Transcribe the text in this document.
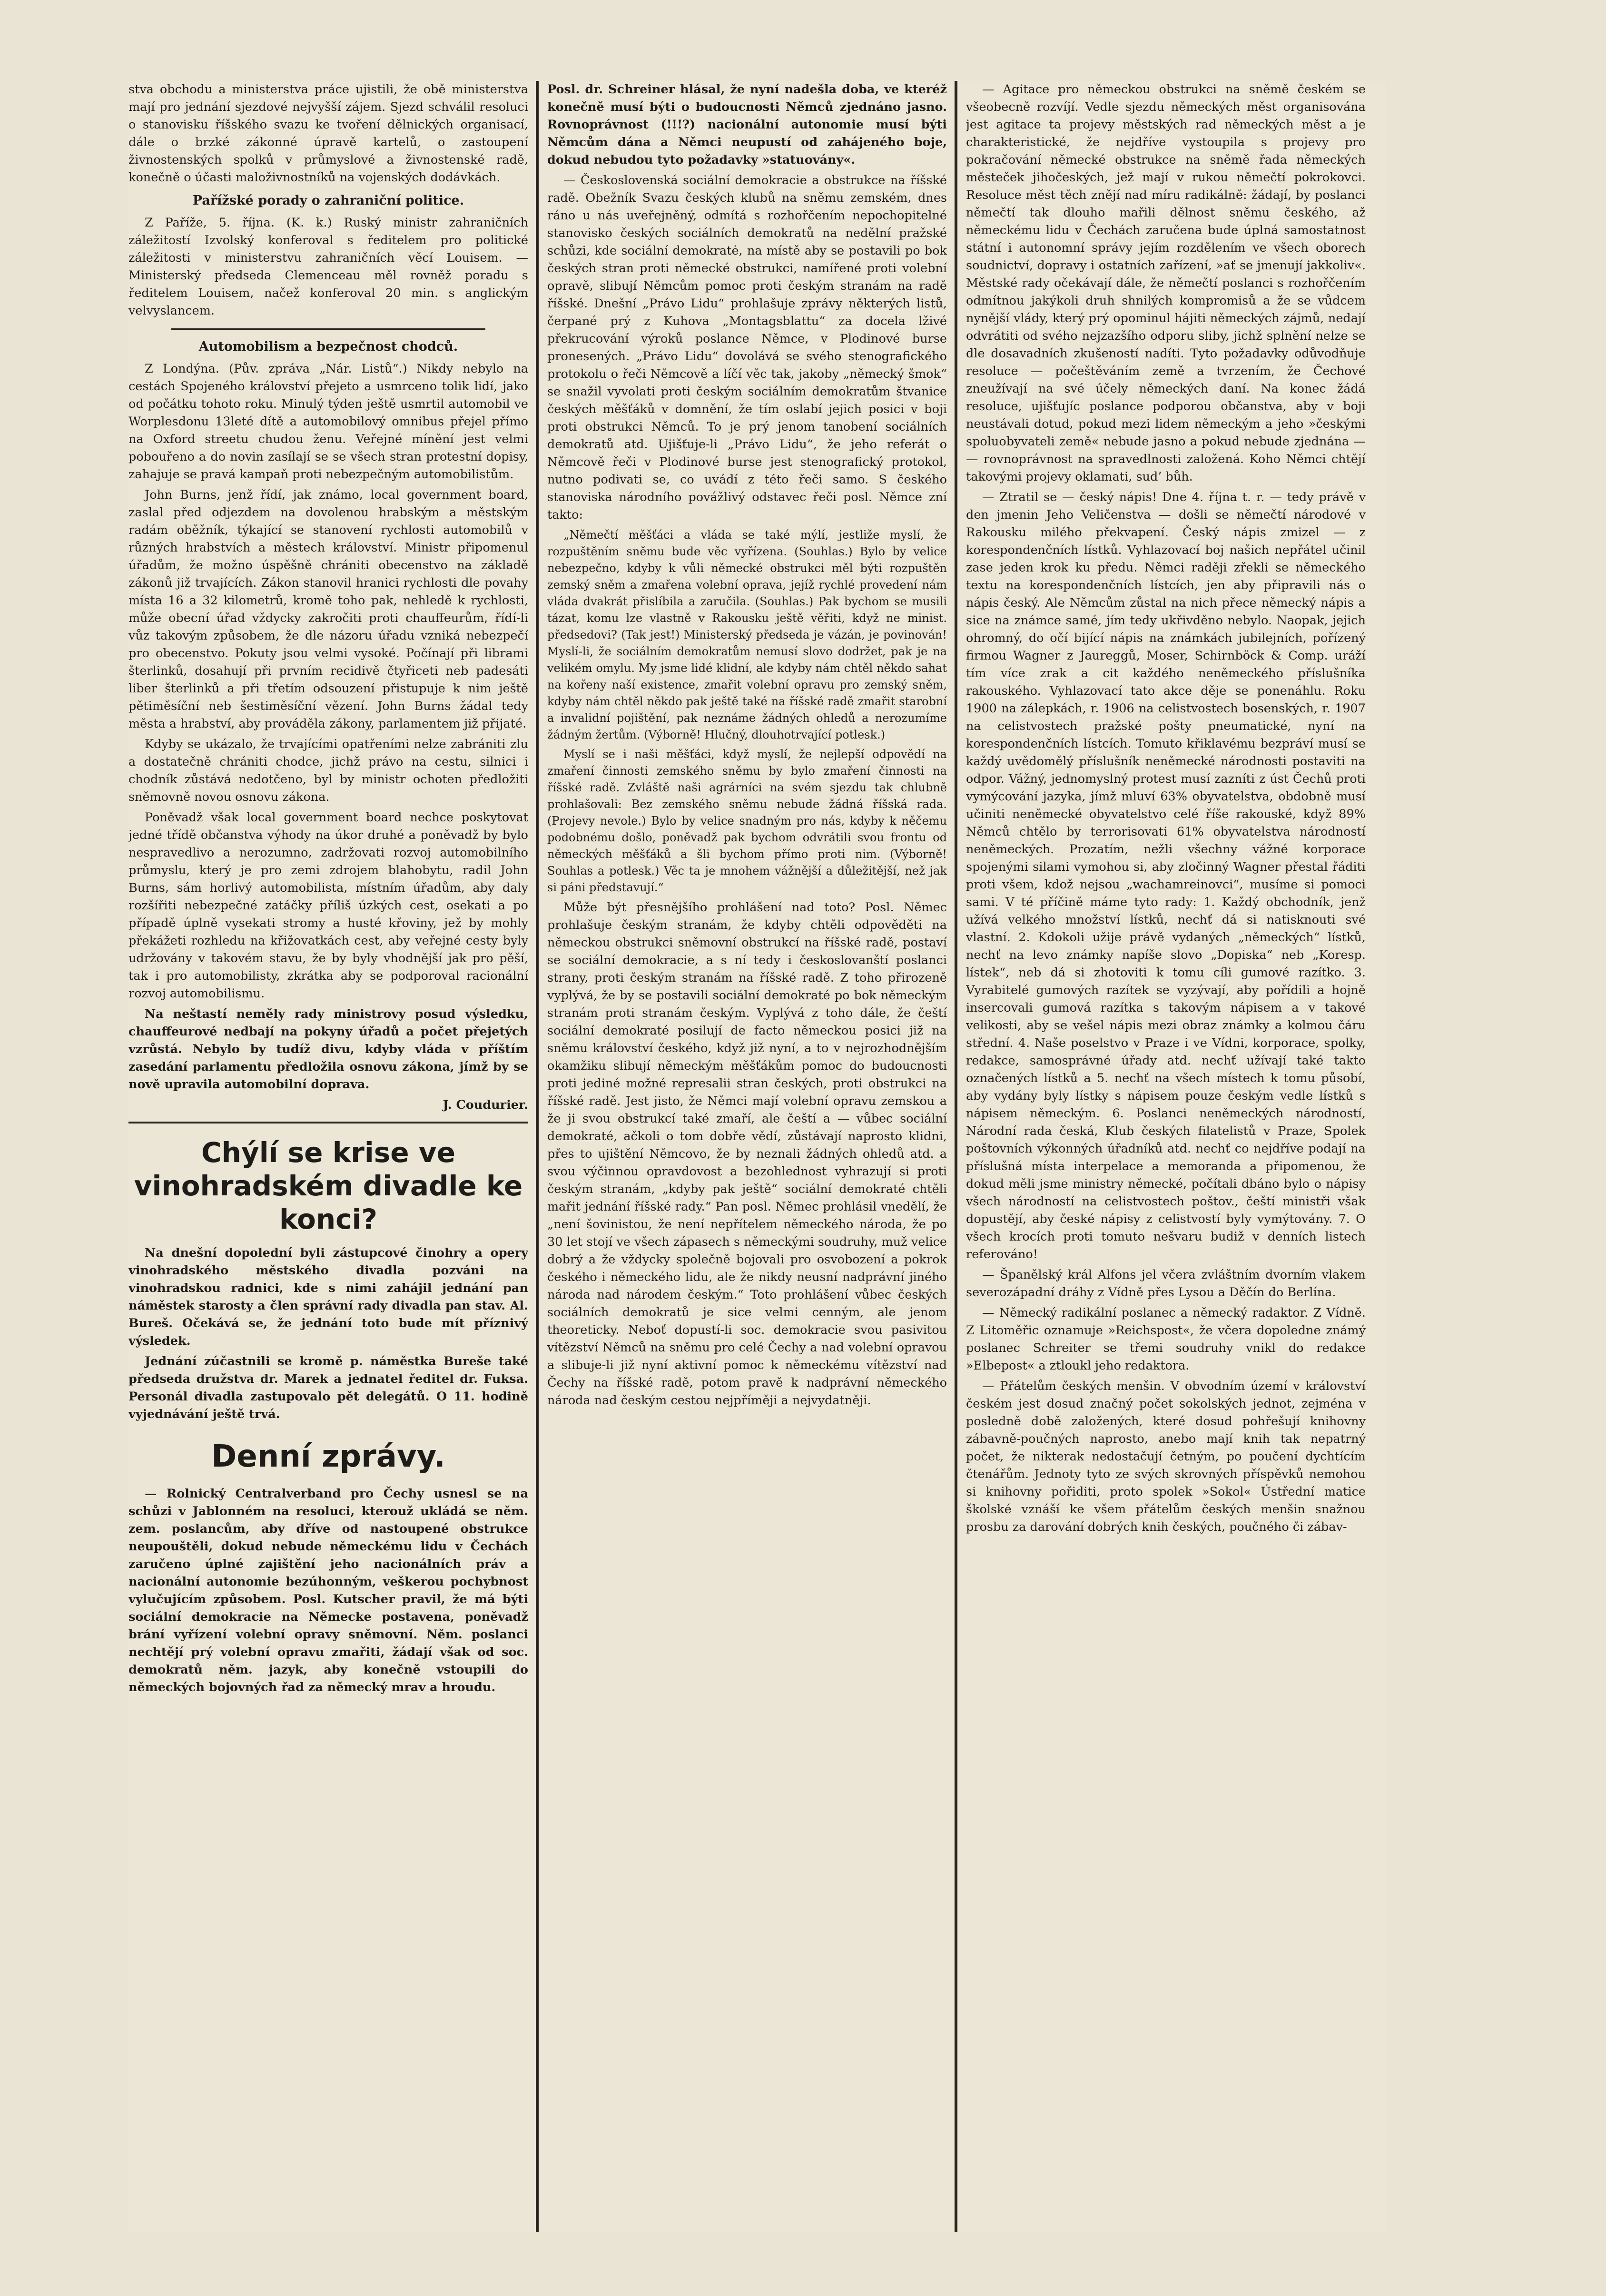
stva obchodu a ministerstva práce ujistili, že obě ministerstva mají pro jednání sjezdové nejvyšší zájem. Sjezd schválil resoluci o stanovisku říšského svazu ke tvoření dělnických organisací, dále o brzké zákonné úpravě kartelů, o zastoupení živnostenských spolků v průmyslové a živnostenské radě, konečně o účasti maloživnostníků na vojenských dodávkách.

Pařížské porady o zahraniční politice.

Z Paříže, 5. října. (K. k.) Ruský ministr zahraničních záležitostí Izvolský konferoval s ředitelem pro politické záležitosti v ministerstvu zahraničních věcí Louisem. — Ministerský předseda Clemenceau měl rovněž poradu s ředitelem Louisem, načež konferoval 20 min. s anglickým velvyslancem.

Automobilism a bezpečnost chodců.

Z Londýna. (Pův. zpráva „Nár. Listů“.) Nikdy nebylo na cestách Spojeného království přejeto a usmrceno tolik lidí, jako od počátku tohoto roku. Minulý týden ještě usmrtil automobil ve Worplesdonu 13leté dítě a automobilový omnibus přejel přímo na Oxford streetu chudou ženu. Veřejné mínění jest velmi pobouřeno a do novin zasílají se se všech stran protestní dopisy, zahajuje se pravá kampaň proti nebezpečným automobilistům.

John Burns, jenž řídí, jak známo, local government board, zaslal před odjezdem na dovolenou hrabským a městským radám oběžník, týkající se stanovení rychlosti automobilů v různých hrabstvích a městech království. Ministr připomenul úřadům, že možno úspěšně chrániti obecenstvo na základě zákonů již trvajících. Zákon stanovil hranici rychlosti dle povahy místa 16 a 32 kilometrů, kromě toho pak, nehledě k rychlosti, může obecní úřad vždycky zakročiti proti chauffeurům, řídí-li vůz takovým způsobem, že dle názoru úřadu vzniká nebezpečí pro obecenstvo. Pokuty jsou velmi vysoké. Počínají při librami šterlinků, dosahují při prvním recidivě čtyřiceti neb padesáti liber šterlinků a při třetím odsouzení přistupuje k nim ještě pětiměsíční neb šestiměsíční vězení. John Burns žádal tedy města a hrabství, aby prováděla zákony, parlamentem již přijaté.

Kdyby se ukázalo, že trvajícími opatřeními nelze zabrániti zlu a dostatečně chrániti chodce, jichž právo na cestu, silnici i chodník zůstává nedotčeno, byl by ministr ochoten předložiti sněmovně novou osnovu zákona.

Poněvadž však local government board nechce poskytovat jedné třídě občanstva výhody na úkor druhé a poněvadž by bylo nespravedlivo a nerozumno, zadržovati rozvoj automobilního průmyslu, který je pro zemi zdrojem blahobytu, radil John Burns, sám horlivý automobilista, místním úřadům, aby daly rozšířiti nebezpečné zatáčky příliš úzkých cest, osekati a po případě úplně vysekati stromy a husté křoviny, jež by mohly překážeti rozhledu na křižovatkách cest, aby veřejné cesty byly udržovány v takovém stavu, že by byly vhodnější jak pro pěší, tak i pro automobilisty, zkrátka aby se podporoval racionální rozvoj automobilismu.

Na neštastí neměly rady ministrovy posud výsledku, chauffeurové nedbají na pokyny úřadů a počet přejetých vzrůstá. Nebylo by tudíž divu, kdyby vláda v příštím zasedání parlamentu předložila osnovu zákona, jímž by se nově upravila automobilní doprava.

J. Coudurier.

Chýlí se krise ve vinohradském divadle ke konci?

Na dnešní dopolední byli zástupcové činohry a opery vinohradského městského divadla pozváni na vinohradskou radnici, kde s nimi zahájil jednání pan náměstek starosty a člen správní rady divadla pan stav. Al. Bureš. Očekává se, že jednání toto bude mít příznivý výsledek.

Jednání zúčastnili se kromě p. náměstka Bureše také předseda družstva dr. Marek a jednatel ředitel dr. Fuksa. Personál divadla zastupovalo pět delegátů. O 11. hodině vyjednávání ještě trvá.

Denní zprávy.

— Rolnický Centralverband pro Čechy usnesl se na schůzi v Jablonném na resoluci, kterouž ukládá se něm. zem. poslancům, aby dříve od nastoupené obstrukce neupouštěli, dokud nebude německému lidu v Čechách zaručeno úplné zajištění jeho nacionálních práv a nacionální autonomie bezúhonným, veškerou pochybnost vylučujícím způsobem. Posl. Kutscher pravil, že má býti sociální demokracie na Německe postavena, poněvadž brání vyřízení volební opravy sněmovní. Něm. poslanci nechtějí prý volební opravu zmařiti, žádají však od soc. demokratů něm. jazyk, aby konečně vstoupili do německých bojovných řad za německý mrav a hroudu.

Posl. dr. Schreiner hlásal, že nyní nadešla doba, ve kteréž konečně musí býti o budoucnosti Němců zjednáno jasno. Rovnoprávnost (!!!?) nacionální autonomie musí býti Němcům dána a Němci neupustí od zahájeného boje, dokud nebudou tyto požadavky »statuovány«.

— Československá sociální demokracie a obstrukce na říšské radě. Obežník Svazu českých klubů na sněmu zemském, dnes ráno u nás uveřejněný, odmítá s rozhořčením nepochopitelné stanovisko českých sociálních demokratů na nedělní pražské schůzi, kde sociální demokratė, na místě aby se postavili po bok českých stran proti německé obstrukci, namířené proti volební opravě, slibují Němcům pomoc proti českým stranám na radě říšské. Dnešní „Právo Lidu“ prohlašuje zprávy některých listů, čerpané prý z Kuhova „Montagsblattu“ za docela lživé překrucování výroků poslance Němce, v Plodinové burse pronesených. „Právo Lidu“ dovolává se svého stenografického protokolu o řeči Němcově a líčí věc tak, jakoby „německý šmok“ se snažil vyvolati proti českým sociálním demokratům štvanice českých měšťáků v domnění, že tím oslabí jejich posici v boji proti obstrukci Němců. To je prý jenom tanobení sociálních demokratů atd. Ujišťuje-li „Právo Lidu“, že jeho referát o Němcově řeči v Plodinové burse jest stenografický protokol, nutno podivati se, co uvádí z této řeči samo. S českého stanoviska národního povážlivý odstavec řeči posl. Němce zní takto:

„Němečtí měšťáci a vláda se také mýlí, jestliže myslí, že rozpuštěním sněmu bude věc vyřízena. (Souhlas.) Bylo by velice nebezpečno, kdyby k vůli německé obstrukci měl býti rozpuštěn zemský sněm a zmařena volební oprava, jejíž rychlé provedení nám vláda dvakrát přislíbila a zaručila. (Souhlas.) Pak bychom se musili tázat, komu lze vlastně v Rakousku ještě věřiti, když ne minist. předsedovi? (Tak jest!) Ministerský předseda je vázán, je povinován! Myslí-li, že sociálním demokratům nemusí slovo dodržet, pak je na velikém omylu. My jsme lidé klidní, ale kdyby nám chtěl někdo sahat na kořeny naší existence, zmařit volební opravu pro zemský sněm, kdyby nám chtěl někdo pak ještě také na říšské radě zmařit starobní a invalidní pojištění, pak neznáme žádných ohledů a nerozumíme žádným žertům. (Výborně! Hlučný, dlouhotrvající potlesk.)

Myslí se i naši měšťáci, když myslí, že nejlepší odpovědí na zmaření činnosti zemského sněmu by bylo zmaření činnosti na říšské radě. Zvláště naši agrárníci na svém sjezdu tak chlubně prohlašovali: Bez zemského sněmu nebude žádná říšská rada. (Projevy nevole.) Bylo by velice snadným pro nás, kdyby k něčemu podobnému došlo, poněvadž pak bychom odvrátili svou frontu od německých měšťáků a šli bychom přímo proti nim. (Výborně! Souhlas a potlesk.) Věc ta je mnohem vážnější a důležitější, než jak si páni představují.“

Může být přesnějšího prohlášení nad toto? Posl. Němec prohlašuje českým stranám, že kdyby chtěli odpověděti na německou obstrukci sněmovní obstrukcí na říšské radě, postaví se sociální demokracie, a s ní tedy i českoslovanští poslanci strany, proti českým stranám na říšské radě. Z toho přirozeně vyplývá, že by se postavili sociální demokraté po bok německým stranám proti stranám českým. Vyplývá z toho dále, že čeští sociální demokraté posilují de facto německou posici již na sněmu království českého, když již nyní, a to v nejrozhodnějším okamžiku slibují německým měšťákům pomoc do budoucnosti proti jediné možné represalii stran českých, proti obstrukci na říšské radě. Jest jisto, že Němci mají volební opravu zemskou a že ji svou obstrukcí také zmaří, ale čeští a — vůbec sociální demokraté, ačkoli o tom dobře vědí, zůstávají naprosto klidni, přes to ujištění Němcovo, že by neznali žádných ohledů atd. a svou výčinnou opravdovost a bezohlednost vyhrazují si proti českým stranám, „kdyby pak ještě“ sociální demokraté chtěli mařit jednání říšské rady.“ Pan posl. Němec prohlásil vnedělí, že „není šovinistou, že není nepřítelem německého národa, že po 30 let stojí ve všech zápasech s německými soudruhy, muž velice dobrý a že vždycky společně bojovali pro osvobození a pokrok českého i německého lidu, ale že nikdy neusní nadprávní jiného národa nad národem českým.“ Toto prohlášení vůbec českých sociálních demokratů je sice velmi cenným, ale jenom theoreticky. Neboť dopustí-li soc. demokracie svou pasivitou vítězství Němců na sněmu pro celé Čechy a nad volební opravou a slibuje-li již nyní aktivní pomoc k německému vítězství nad Čechy na říšské radě, potom pravě k nadprávní německého národa nad českým cestou nejpříměji a nejvydatněji.

— Agitace pro německou obstrukci na sněmě českém se všeobecně rozvíjí. Vedle sjezdu německých měst organisována jest agitace ta projevy městských rad německých měst a je charakteristické, že nejdříve vystoupila s projevy pro pokračování německé obstrukce na sněmě řada německých městeček jihočeských, jež mají v rukou němečtí pokrokovci. Resoluce měst těch znějí nad míru radikálně: žádají, by poslanci němečtí tak dlouho mařili dělnost sněmu českého, až německému lidu v Čechách zaručena bude úplná samostatnost státní i autonomní správy jejím rozdělením ve všech oborech soudnictví, dopravy i ostatních zařízení, »ať se jmenují jakkoliv«. Městské rady očekávají dále, že němečtí poslanci s rozhořčením odmítnou jakýkoli druh shnilých kompromisů a že se vůdcem nynější vlády, který prý opominul hájiti německých zájmů, nedají odvrátiti od svého nejzazšího odporu sliby, jichž splnění nelze se dle dosavadních zkušeností nadíti. Tyto požadavky odůvodňuje resoluce — počeštěváním země a tvrzením, že Čechové zneužívají na své účely německých daní. Na konec žádá resoluce, ujišťujíc poslance podporou občanstva, aby v boji neustávali dotud, pokud mezi lidem německým a jeho »českými spoluobyvateli země« nebude jasno a pokud nebude zjednána — — rovnoprávnost na spravedlnosti založená. Koho Němci chtějí takovými projevy oklamati, sud’ bůh.

— Ztratil se — český nápis! Dne 4. října t. r. — tedy právě v den jmenin Jeho Veličenstva — došli se němečtí národové v Rakousku milého překvapení. Český nápis zmizel — z korespondenčních lístků. Vyhlazovací boj našich nepřátel učinil zase jeden krok ku předu. Němci raději zřekli se německého textu na korespondenčních lístcích, jen aby připravili nás o nápis český. Ale Němcům zůstal na nich přece německý nápis a sice na známce samé, jím tedy ukřivděno nebylo. Naopak, jejich ohromný, do očí bijící nápis na známkách jubilejních, pořízený firmou Wagner z Jaureggů, Moser, Schirnböck & Comp. uráží tím více zrak a cit každého neněmeckého příslušníka rakouského. Vyhlazovací tato akce děje se ponenáhlu. Roku 1900 na zálepkách, r. 1906 na celistvostech bosenských, r. 1907 na celistvostech pražské pošty pneumatické, nyní na korespondenčních lístcích. Tomuto křiklavému bezpráví musí se každý uvědomělý příslušník neněmecké národnosti postaviti na odpor. Vážný, jednomyslný protest musí zazníti z úst Čechů proti vymýcování jazyka, jímž mluví 63% obyvatelstva, obdobně musí učiniti neněmecké obyvatelstvo celé říše rakouské, když 89% Němců chtělo by terrorisovati 61% obyvatelstva národností neněmeckých. Prozatím, nežli všechny vážné korporace spojenými silami vymohou si, aby zločinný Wagner přestal řáditi proti všem, kdož nejsou „wachamreinovci“, musíme si pomoci sami. V té příčině máme tyto rady: 1. Každý obchodník, jenž užívá velkého množství lístků, nechť dá si natisknouti své vlastní. 2. Kdokoli užije právě vydaných „německých“ lístků, nechť na levo známky napíše slovo „Dopiska“ neb „Koresp. lístek“, neb dá si zhotoviti k tomu cíli gumové razítko. 3. Vyrabitelé gumových razítek se vyzývají, aby pořídili a hojně insercovali gumová razítka s takovým nápisem a v takové velikosti, aby se vešel nápis mezi obraz známky a kolmou čáru střední. 4. Naše poselstvo v Praze i ve Vídni, korporace, spolky, redakce, samosprávné úřady atd. nechť užívají také takto označených lístků a 5. nechť na všech místech k tomu působí, aby vydány byly lístky s nápisem pouze českým vedle lístků s nápisem německým. 6. Poslanci neněmeckých národností, Národní rada česká, Klub českých filatelistů v Praze, Spolek poštovních výkonných úřadníků atd. nechť co nejdříve podají na příslušná místa interpelace a memoranda a připomenou, že dokud měli jsme ministry německé, počítali dbáno bylo o nápisy všech národností na celistvostech poštov., čeští ministři však dopustějí, aby české nápisy z celistvostí byly vymýtovány. 7. O všech krocích proti tomuto nešvaru budiž v denních listech referováno!

— Španělský král Alfons jel včera zvláštním dvorním vlakem severozápadní dráhy z Vídně přes Lysou a Děčín do Berlína.

— Německý radikální poslanec a německý radaktor. Z Vídně. Z Litoměřic oznamuje »Reichspost«, že včera dopoledne známý poslanec Schreiter se třemi soudruhy vnikl do redakce »Elbepost« a ztloukl jeho redaktora.

— Přátelům českých menšin. V obvodním území v království českém jest dosud značný počet sokolských jednot, zejména v posledně době založených, které dosud pohřešují knihovny zábavně-poučných naprosto, anebo mají knih tak nepatrný počet, že nikterak nedostačují četným, po poučení dychtícím čtenářům. Jednoty tyto ze svých skrovných příspěvků nemohou si knihovny pořiditi, proto spolek »Sokol« Ústřední matice školské vznáší ke všem přátelům českých menšin snažnou prosbu za darování dobrých knih českých, poučného či zábav-
